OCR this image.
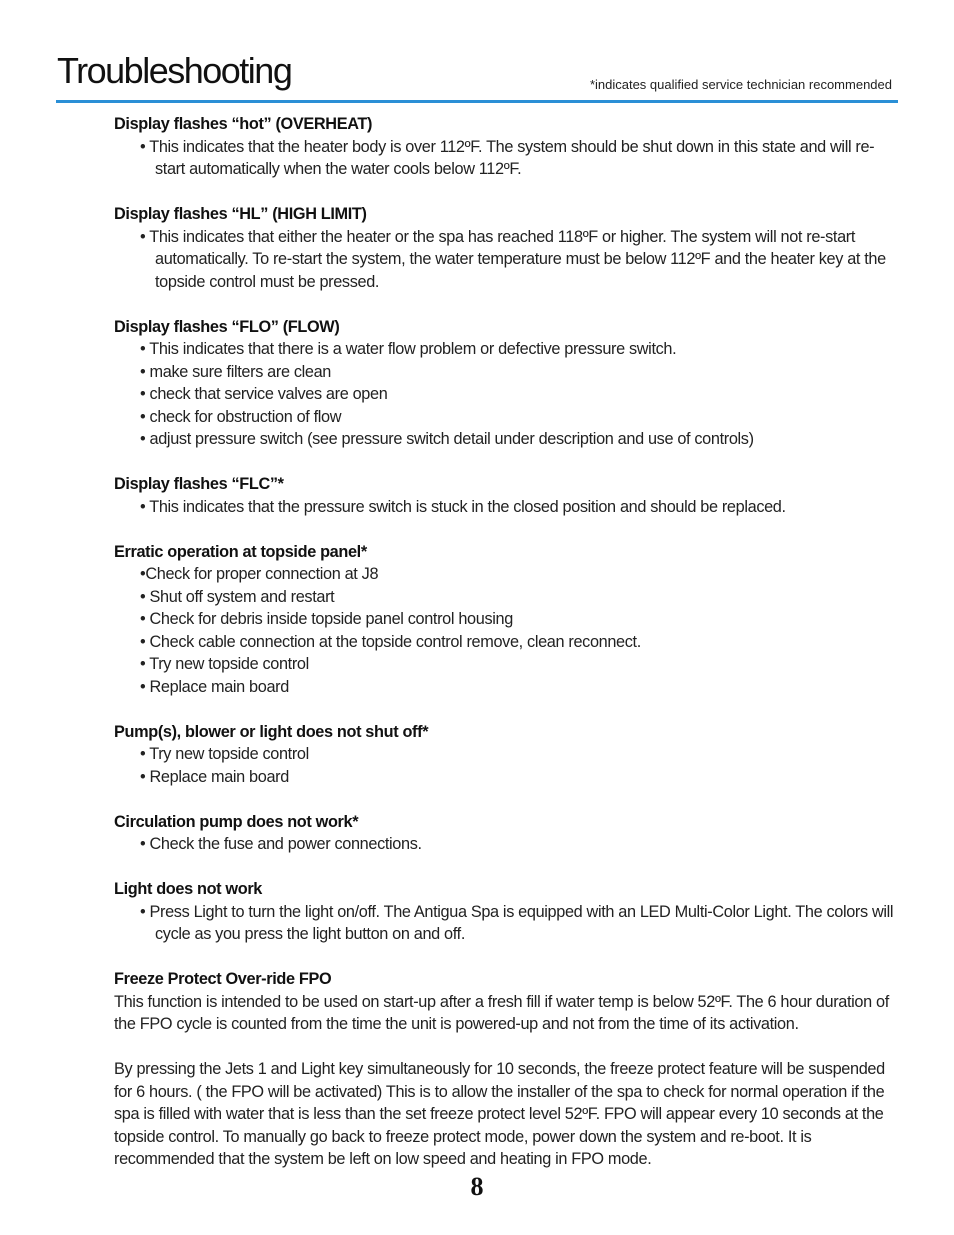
Troubleshooting	*indicates qualified service technician recommended
Display flashes “hot” (OVERHEAT)
• This indicates that the heater body is over 112ºF. The system should be shut down in this state and will re-start automatically when the water cools below 112ºF.
Display flashes “HL” (HIGH LIMIT)
• This indicates that either the heater or the spa has reached 118ºF or higher. The system will not re-start automatically. To re-start the system, the water temperature must be below 112ºF and the heater key at the topside control must be pressed.
Display flashes “FLO” (FLOW)
• This indicates that there is a water flow problem or defective pressure switch.
• make sure filters are clean
• check that service valves are open
• check for obstruction of flow
• adjust pressure switch (see pressure switch detail under description and use of controls)
Display flashes “FLC”*
• This indicates that the pressure switch is stuck in the closed position and should be replaced.
Erratic operation at topside panel*
•Check for proper connection at J8
• Shut off system and restart
• Check for debris inside topside panel control housing
• Check cable connection at the topside control remove, clean reconnect.
• Try new topside control
• Replace main board
Pump(s), blower or light does not shut off*
• Try new topside control
• Replace main board
Circulation pump does not work*
• Check the fuse and power connections.
Light does not work
• Press Light to turn the light on/off. The Antigua Spa is equipped with an LED Multi-Color Light. The colors will cycle as you press the light button on and off.
Freeze Protect Over-ride FPO

This function is intended to be used on start-up after a fresh fill if water temp is below 52ºF. The 6 hour duration of the FPO cycle is counted from the time the unit is powered-up and not from the time of its activation.

By pressing the Jets 1 and Light key simultaneously for 10 seconds, the freeze protect feature will be suspended for 6 hours. ( the FPO will be activated) This is to allow the installer of the spa to check for normal operation if the spa is filled with water that is less than the set freeze protect level 52ºF. FPO will appear every 10 seconds at the topside control. To manually go back to freeze protect mode, power down the system and re-boot. It is recommended that the system be left on low speed and heating in FPO mode.

8
